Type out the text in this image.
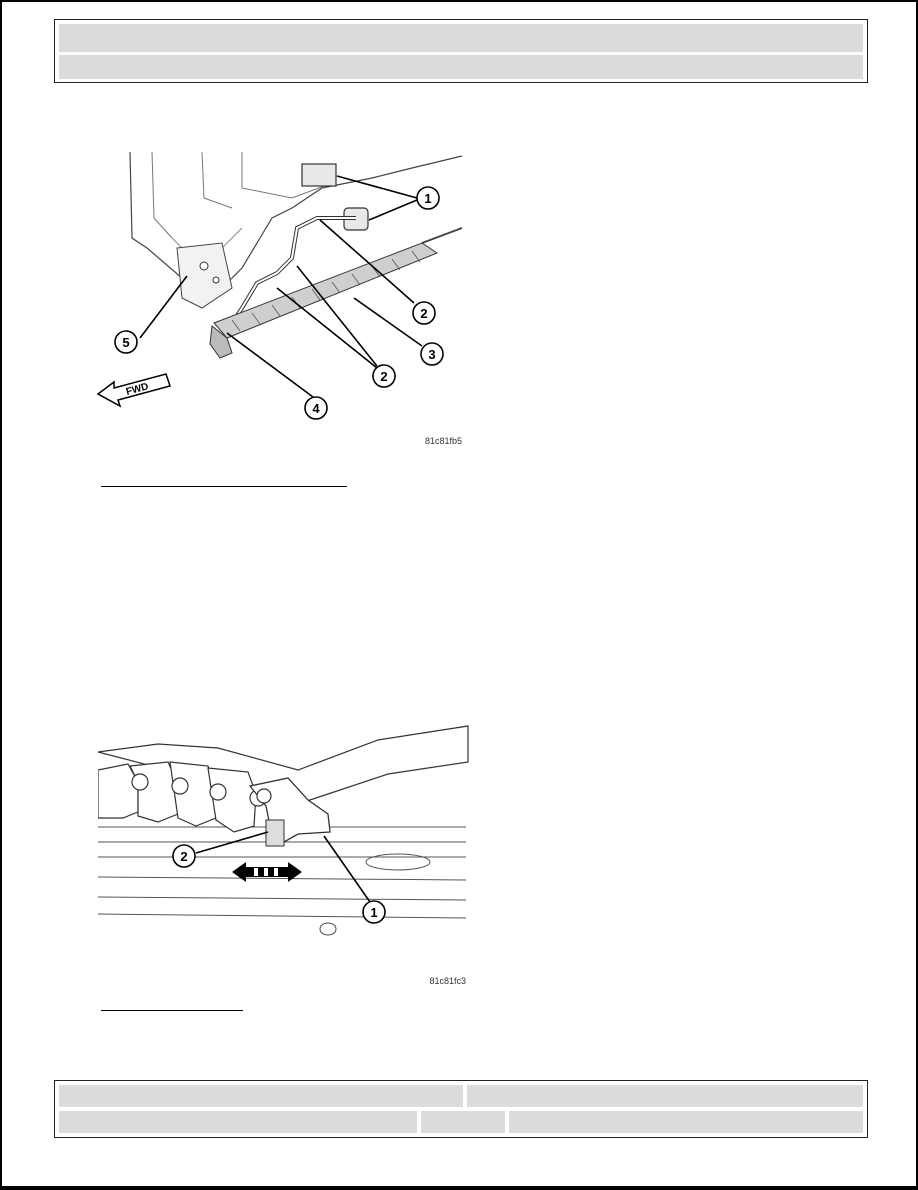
1
2
3
4
5
2
FWD
81c81fb5
2
1
81c81fc3
